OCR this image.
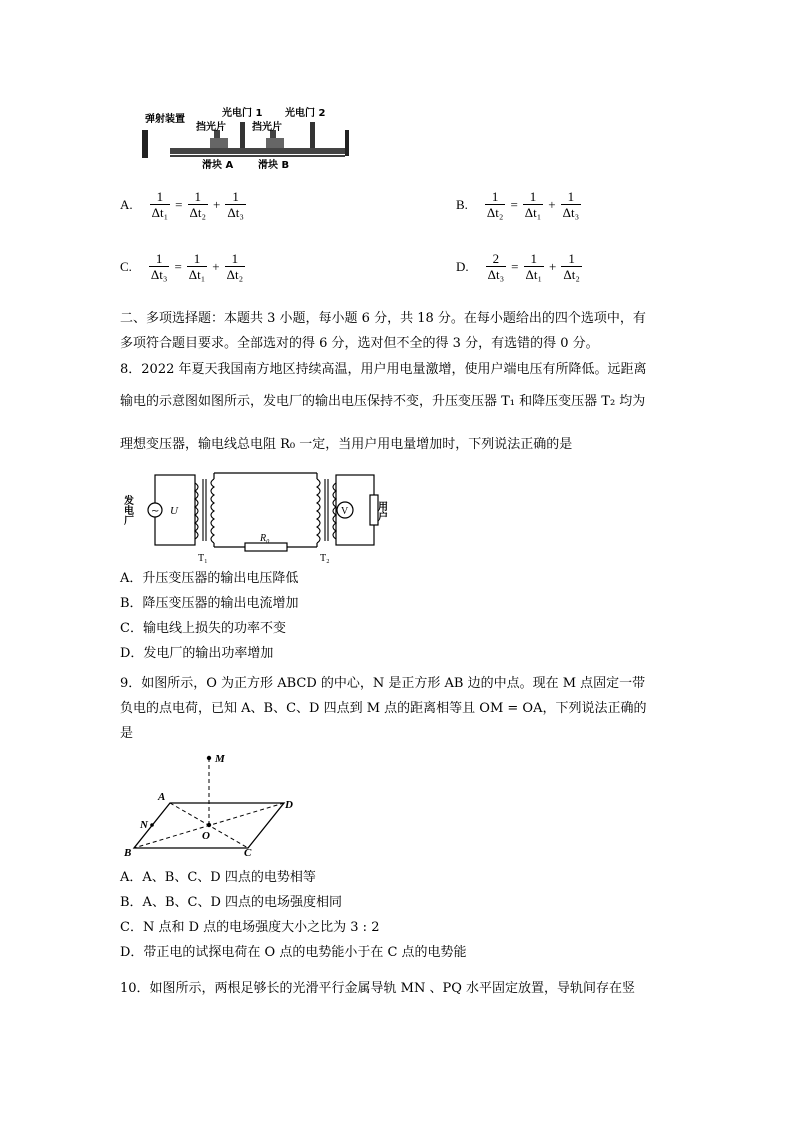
弹射装置
光电门 1 光电门 2
挡光片	挡光片
滑块 A 滑块 B
A. $\frac{1}{\text{Δt₁}} = \frac{1}{\text{Δt₂}} + \frac{1}{\text{Δt₃}}$	B. $\frac{1}{\text{Δt₂}} = \frac{1}{\text{Δt₁}} + \frac{1}{\text{Δt₃}}$
C. $\frac{1}{\text{Δt₃}} = \frac{1}{\text{Δt₁}} + \frac{1}{\text{Δt₂}}$	D. $\frac{2}{\text{Δt₃}} = \frac{1}{\text{Δt₁}} + \frac{1}{\text{Δt₂}}$
二、多项选择题：本题共 3 小题，每小题 6 分，共 18 分。在每小题给出的四个选项中，有
多项符合题目要求。全部选对的得 6 分，选对但不全的得 3 分，有选错的得 0 分。
8．2022 年夏天我国南方地区持续高温，用户用电量激增，使用户端电压有所降低。远距离
输电的示意图如图所示，发电厂的输出电压保持不变，升压变压器 T₁ 和降压变压器 T₂ 均为
理想变压器，输电线总电阻 R₀ 一定，当用户用电量增加时，下列说法正确的是
~ U
发电厂	V	用户
T₁
R₀
T₂
A．升压变压器的输出电压降低
B．降压变压器的输出电流增加
C．输电线上损失的功率不变
D．发电厂的输出功率增加
9．如图所示，O 为正方形 ABCD 的中心，N 是正方形 AB 边的中点。现在 M 点固定一带
负电的点电荷，已知 A、B、C、D 四点到 M 点的距离相等且 OM = OA，下列说法正确的
是
M
A
D
N
O
B	C
A．A、B、C、D 四点的电势相等
B．A、B、C、D 四点的电场强度相同
C．N 点和 D 点的电场强度大小之比为 3 : 2
D．带正电的试探电荷在 O 点的电势能小于在 C 点的电势能
10．如图所示，两根足够长的光滑平行金属导轨 MN 、PQ 水平固定放置，导轨间存在竖
